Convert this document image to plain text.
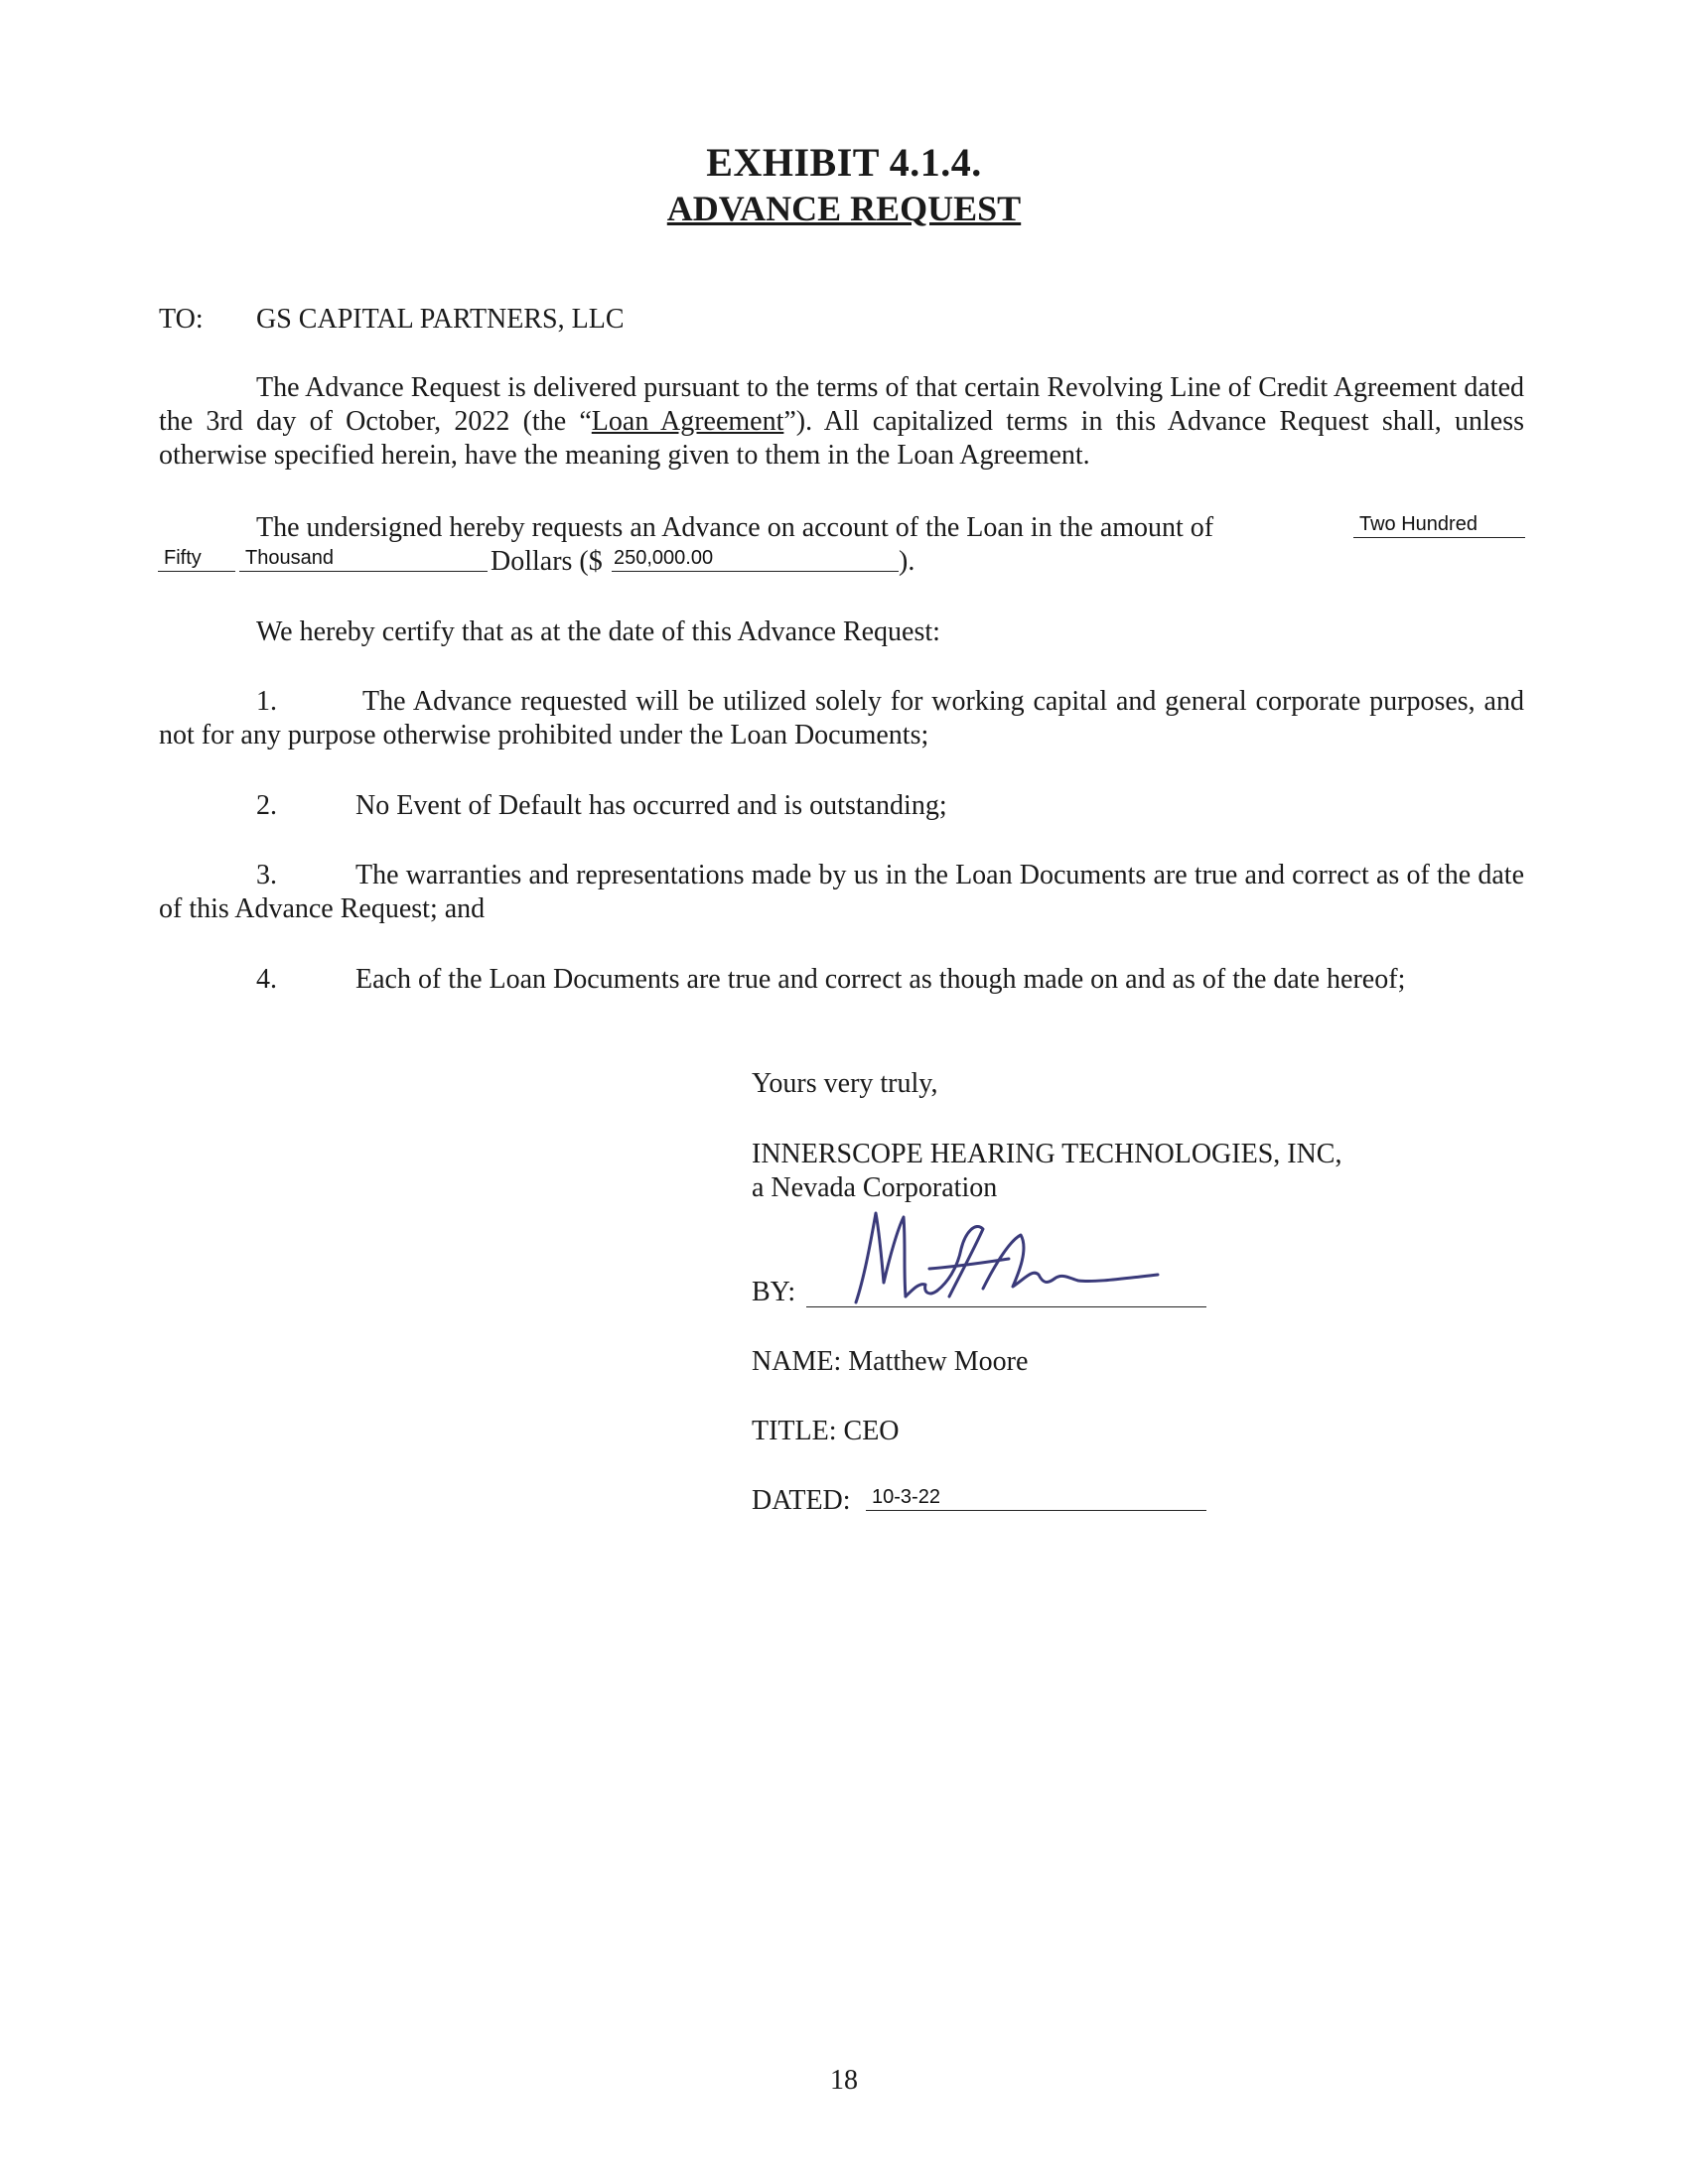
EXHIBIT 4.1.4.
ADVANCE REQUEST
TO: GS CAPITAL PARTNERS, LLC
The Advance Request is delivered pursuant to the terms of that certain Revolving Line of Credit Agreement dated the 3rd day of October, 2022 (the “Loan Agreement”). All capitalized terms in this Advance Request shall, unless otherwise specified herein, have the meaning given to them in the Loan Agreement.
The undersigned hereby requests an Advance on account of the Loan in the amount of	Two Hundred
Fifty	Thousand	Dollars ($ 250,000.00	).
We hereby certify that as at the date of this Advance Request:
1.	The Advance requested will be utilized solely for working capital and general corporate purposes, and not for any purpose otherwise prohibited under the Loan Documents;
2.	No Event of Default has occurred and is outstanding;
3.	The warranties and representations made by us in the Loan Documents are true and correct as of the date of this Advance Request; and
4.	Each of the Loan Documents are true and correct as though made on and as of the date hereof;
Yours very truly,
INNERSCOPE HEARING TECHNOLOGIES, INC,
a Nevada Corporation
BY:
NAME: Matthew Moore
TITLE: CEO
DATED:	10-3-22
18
